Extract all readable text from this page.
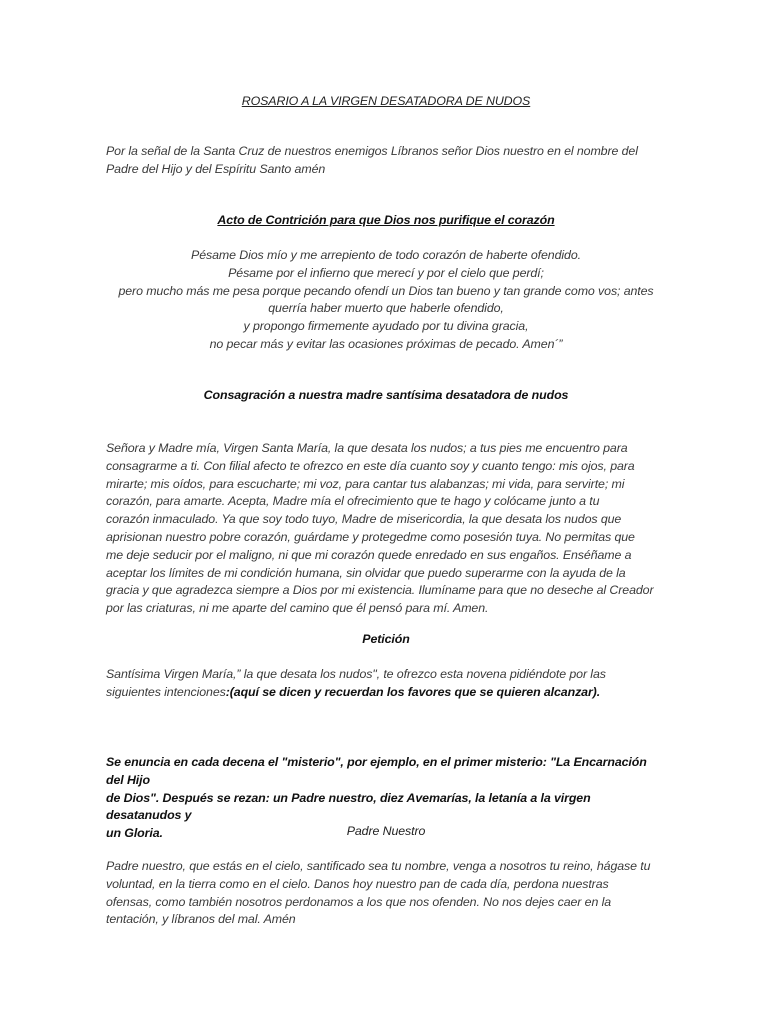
ROSARIO A LA VIRGEN DESATADORA DE NUDOS

Por la señal de la Santa Cruz de nuestros enemigos Líbranos señor Dios nuestro en el nombre del
Padre del Hijo y del Espíritu Santo amén

Acto de Contrición para que Dios nos purifique el corazón

Pésame Dios mío y me arrepiento de todo corazón de haberte ofendido.
Pésame por el infierno que merecí y por el cielo que perdí;
pero mucho más me pesa porque pecando ofendí un Dios tan bueno y tan grande como vos; antes
querría haber muerto que haberle ofendido,
y propongo firmemente ayudado por tu divina gracia,
no pecar más y evitar las ocasiones próximas de pecado. Amen´”

Consagración a nuestra madre santísima desatadora de nudos

Señora y Madre mía, Virgen Santa María, la que desata los nudos; a tus pies me encuentro para
consagrarme a ti. Con filial afecto te ofrezco en este día cuanto soy y cuanto tengo: mis ojos, para
mirarte; mis oídos, para escucharte; mi voz, para cantar tus alabanzas; mi vida, para servirte; mi
corazón, para amarte. Acepta, Madre mía el ofrecimiento que te hago y colócame junto a tu
corazón inmaculado. Ya que soy todo tuyo, Madre de misericordia, la que desata los nudos que
aprisionan nuestro pobre corazón, guárdame y protegedme como posesión tuya. No permitas que
me deje seducir por el maligno, ni que mi corazón quede enredado en sus engaños. Enséñame a
aceptar los límites de mi condición humana, sin olvidar que puedo superarme con la ayuda de la
gracia y que agradezca siempre a Dios por mi existencia. Ilumíname para que no deseche al Creador
por las criaturas, ni me aparte del camino que él pensó para mí. Amen.

Petición

Santísima Virgen María,” la que desata los nudos", te ofrezco esta novena pidiéndote por las
siguientes intenciones:(aquí se dicen y recuerdan los favores que se quieren alcanzar).

Se enuncia en cada decena el "misterio", por ejemplo, en el primer misterio: "La Encarnación del Hijo
de Dios". Después se rezan: un Padre nuestro, diez Avemarías, la letanía a la virgen desatanudos y
un Gloria.	Padre Nuestro

Padre nuestro, que estás en el cielo, santificado sea tu nombre, venga a nosotros tu reino, hágase tu
voluntad, en la tierra como en el cielo. Danos hoy nuestro pan de cada día, perdona nuestras
ofensas, como también nosotros perdonamos a los que nos ofenden. No nos dejes caer en la
tentación, y líbranos del mal. Amén
